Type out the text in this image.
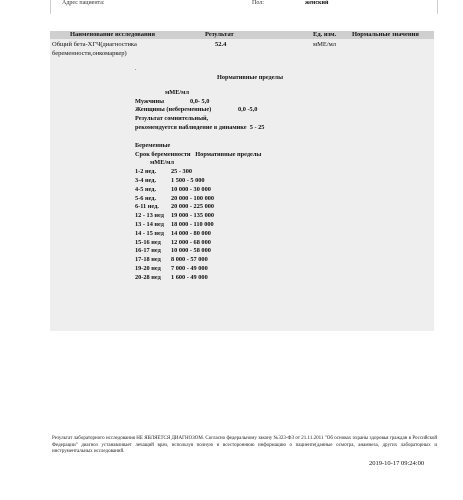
Адрес пациента:	Пол:	женский
Наименование исследования	Результат	Ед. изм. Нормальные значения
Общий бета-ХГЧ(диагностика беременности,онкомаркер)
52.4	мМЕ/мл
.
Нормативные пределы
мМЕ/мл
Мужчины	0,0- 5,0
Женщины (небеременные)	0,0 -5,0
Результат сомнительный,
рекомендуется наблюдение в динамике 5 - 25
Беременные
Срок беременности   Нормативные пределы
мМЕ/мл
1-2 нед. 25 - 300
3-4 нед. 1 500 - 5 000
4-5 нед. 10 000 - 30 000
5-6 нед. 20 000 - 100 000
6-11 нед. 20 000 - 225 000
12 - 13 нед 19 000 - 135 000
13 - 14 нед 18 000 - 110 000
14 - 15 нед 14 000 - 80 000
15-16 нед 12 000 - 68 000
16-17 нед 10 000 - 58 000
17-18 нед 8 000 - 57 000
19-20 нед 7 000 - 49 000
20-28 нед 1 600 - 49 000
Результат лабораторного исследования НЕ ЯВЛЯЕТСЯ ДИАГНОЗОМ. Согласно федеральному закону №323-ФЗ от 21.11.2011 "Об основах охраны здоровья граждан в Российской Федерации" диагноз устанавливает лечащий врач, используя полную и всестороннюю информацию о пациенте(данные осмотра, анамнеза, других лабораторных и инструментальных исследований.
2019-10-17 09:24:00
